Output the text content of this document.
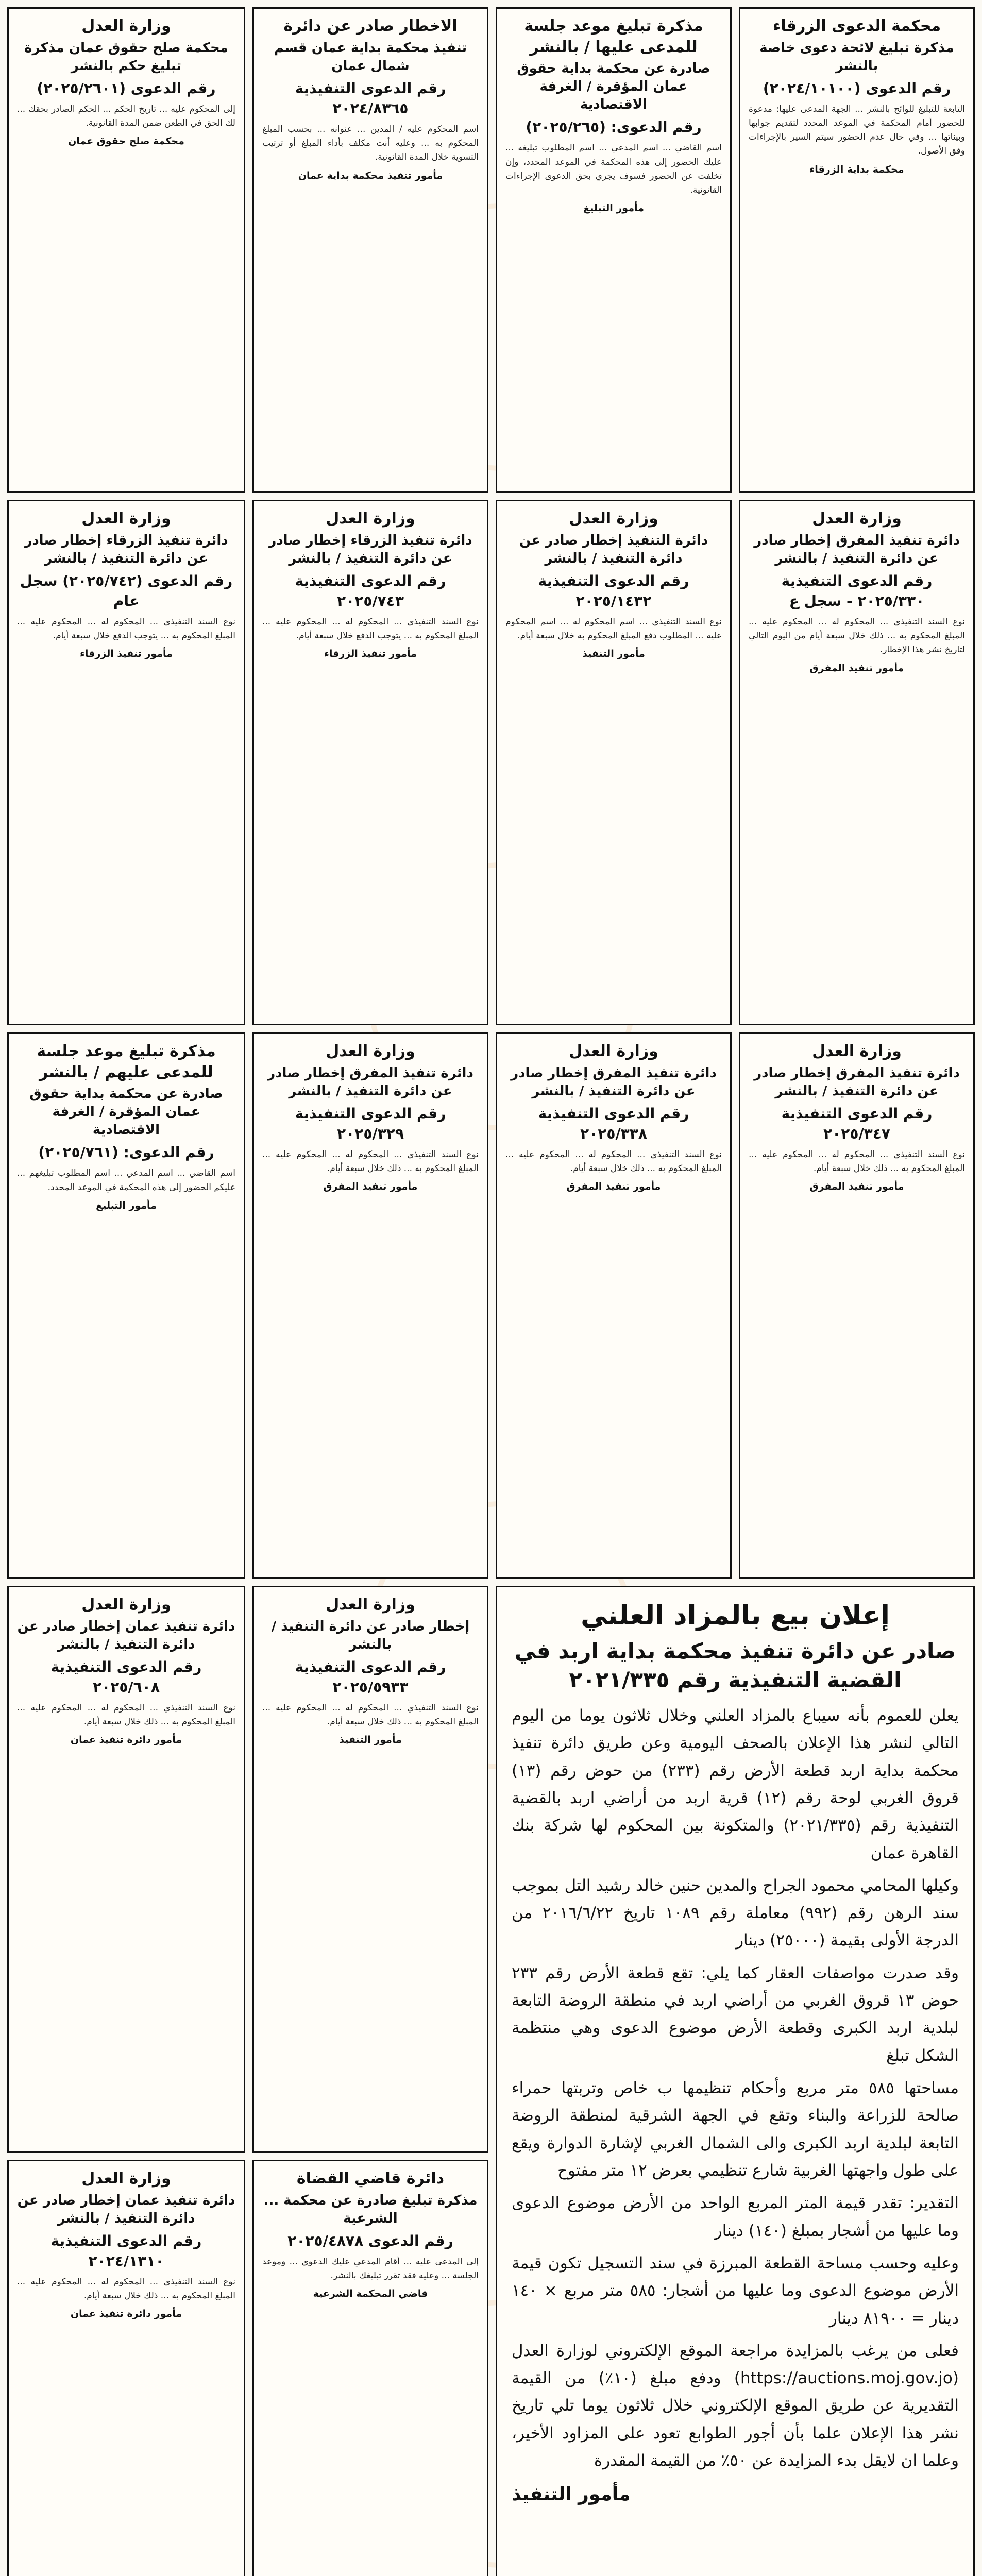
محكمة الدعوى الزرقاء
مذكرة تبليغ لائحة دعوى خاصة بالنشر
رقم الدعوى (٢٠٢٤/١٠١٠٠)
التابعة للتبليغ للوائح بالنشر ... الجهة المدعى عليها: مدعوة للحضور أمام المحكمة في الموعد المحدد لتقديم جوابها وبيناتها ... وفي حال عدم الحضور سيتم السير بالإجراءات وفق الأصول.
محكمة بداية الزرقاء
مذكرة تبليغ موعد جلسة للمدعى عليها / بالنشر
صادرة عن محكمة بداية حقوق عمان المؤقرة / الغرفة الاقتصادية
رقم الدعوى: (٢٠٢٥/٢٦٥)
اسم القاضي ... اسم المدعي ... اسم المطلوب تبليغه ... عليك الحضور إلى هذه المحكمة في الموعد المحدد، وإن تخلفت عن الحضور فسوف يجري بحق الدعوى الإجراءات القانونية.
مأمور التبليغ
الاخطار صادر عن دائرة
تنفيذ محكمة بداية عمان قسم شمال عمان
رقم الدعوى التنفيذية ٢٠٢٤/٨٣٦٥
اسم المحكوم عليه / المدين ... عنوانه ... بحسب المبلغ المحكوم به ... وعليه أنت مكلف بأداء المبلغ أو ترتيب التسوية خلال المدة القانونية.
مأمور تنفيذ محكمة بداية عمان
وزارة العدل
محكمة صلح حقوق عمان مذكرة تبليغ حكم بالنشر
رقم الدعوى (٢٠٢٥/٢٦٠١)
إلى المحكوم عليه ... تاريخ الحكم ... الحكم الصادر بحقك ... لك الحق في الطعن ضمن المدة القانونية.
محكمة صلح حقوق عمان
وزارة العدل
دائرة تنفيذ المفرق إخطار صادر عن دائرة التنفيذ / بالنشر
رقم الدعوى التنفيذية ٢٠٢٥/٣٣٠ - سجل ع
نوع السند التنفيذي ... المحكوم له ... المحكوم عليه ... المبلغ المحكوم به ... ذلك خلال سبعة أيام من اليوم التالي لتاريخ نشر هذا الإخطار.
مأمور تنفيذ المفرق
وزارة العدل
دائرة التنفيذ إخطار صادر عن دائرة التنفيذ / بالنشر
رقم الدعوى التنفيذية ٢٠٢٥/١٤٣٢
نوع السند التنفيذي ... اسم المحكوم له ... اسم المحكوم عليه ... المطلوب دفع المبلغ المحكوم به خلال سبعة أيام.
مأمور التنفيذ
وزارة العدل
دائرة تنفيذ الزرقاء إخطار صادر عن دائرة التنفيذ / بالنشر
رقم الدعوى التنفيذية ٢٠٢٥/٧٤٣
نوع السند التنفيذي ... المحكوم له ... المحكوم عليه ... المبلغ المحكوم به ... يتوجب الدفع خلال سبعة أيام.
مأمور تنفيذ الزرقاء
وزارة العدل
دائرة تنفيذ الزرقاء إخطار صادر عن دائرة التنفيذ / بالنشر
رقم الدعوى (٢٠٢٥/٧٤٢) سجل عام
نوع السند التنفيذي ... المحكوم له ... المحكوم عليه ... المبلغ المحكوم به ... يتوجب الدفع خلال سبعة أيام.
مأمور تنفيذ الزرقاء
وزارة العدل
دائرة تنفيذ المفرق إخطار صادر عن دائرة التنفيذ / بالنشر
رقم الدعوى التنفيذية ٢٠٢٥/٣٤٧
نوع السند التنفيذي ... المحكوم له ... المحكوم عليه ... المبلغ المحكوم به ... ذلك خلال سبعة أيام.
مأمور تنفيذ المفرق
وزارة العدل
دائرة تنفيذ المفرق إخطار صادر عن دائرة التنفيذ / بالنشر
رقم الدعوى التنفيذية ٢٠٢٥/٣٣٨
نوع السند التنفيذي ... المحكوم له ... المحكوم عليه ... المبلغ المحكوم به ... ذلك خلال سبعة أيام.
مأمور تنفيذ المفرق
وزارة العدل
دائرة تنفيذ المفرق إخطار صادر عن دائرة التنفيذ / بالنشر
رقم الدعوى التنفيذية ٢٠٢٥/٣٢٩
نوع السند التنفيذي ... المحكوم له ... المحكوم عليه ... المبلغ المحكوم به ... ذلك خلال سبعة أيام.
مأمور تنفيذ المفرق
مذكرة تبليغ موعد جلسة للمدعى عليهم / بالنشر
صادرة عن محكمة بداية حقوق عمان المؤقرة / الغرفة الاقتصادية
رقم الدعوى: (٢٠٢٥/٧٦١)
اسم القاضي ... اسم المدعي ... اسم المطلوب تبليغهم ... عليكم الحضور إلى هذه المحكمة في الموعد المحدد.
مأمور التبليغ
إعلان بيع بالمزاد العلني
صادر عن دائرة تنفيذ محكمة بداية اربد في القضية التنفيذية رقم ٢٠٢١/٣٣٥

يعلن للعموم بأنه سيباع بالمزاد العلني وخلال ثلاثون يوما من اليوم التالي لنشر هذا الإعلان بالصحف اليومية وعن طريق دائرة تنفيذ محكمة بداية اربد قطعة الأرض رقم (٢٣٣) من حوض رقم (١٣) قروق الغربي لوحة رقم (١٢) قرية اربد من أراضي اربد بالقضية التنفيذية رقم (٢٠٢١/٣٣٥) والمتكونة بين المحكوم لها شركة بنك القاهرة عمان

وكيلها المحامي محمود الجراح والمدين حنين خالد رشيد التل بموجب سند الرهن رقم (٩٩٢) معاملة رقم ١٠٨٩ تاريخ ٢٠١٦/٦/٢٢ من الدرجة الأولى بقيمة (٢٥٠٠٠) دينار

وقد صدرت مواصفات العقار كما يلي: تقع قطعة الأرض رقم ٢٣٣ حوض ١٣ قروق الغربي من أراضي اربد في منطقة الروضة التابعة لبلدية اربد الكبرى وقطعة الأرض موضوع الدعوى وهي منتظمة الشكل تبلغ

مساحتها ٥٨٥ متر مربع وأحكام تنظيمها ب خاص وتربتها حمراء صالحة للزراعة والبناء وتقع في الجهة الشرقية لمنطقة الروضة التابعة لبلدية اربد الكبرى والى الشمال الغربي لإشارة الدوارة ويقع على طول واجهتها الغربية شارع تنظيمي بعرض ١٢ متر مفتوح

التقدير: تقدر قيمة المتر المربع الواحد من الأرض موضوع الدعوى وما عليها من أشجار بمبلغ (١٤٠) دينار

وعليه وحسب مساحة القطعة المبرزة في سند التسجيل تكون قيمة الأرض موضوع الدعوى وما عليها من أشجار: ٥٨٥ متر مربع × ١٤٠ دينار = ٨١٩٠٠ دينار

فعلى من يرغب بالمزايدة مراجعة الموقع الإلكتروني لوزارة العدل (https://auctions.moj.gov.jo) ودفع مبلغ (١٠٪) من القيمة التقديرية عن طريق الموقع الإلكتروني خلال ثلاثون يوما تلي تاريخ نشر هذا الإعلان علما بأن أجور الطوابع تعود على المزاود الأخير، وعلما ان لايقل بدء المزايدة عن ٥٠٪ من القيمة المقدرة

مأمور التنفيذ
وزارة العدل
إخطار صادر عن دائرة التنفيذ / بالنشر
رقم الدعوى التنفيذية ٢٠٢٥/٥٩٣٣
نوع السند التنفيذي ... المحكوم له ... المحكوم عليه ... المبلغ المحكوم به ... ذلك خلال سبعة أيام.
مأمور التنفيذ
وزارة العدل
دائرة تنفيذ عمان إخطار صادر عن دائرة التنفيذ / بالنشر
رقم الدعوى التنفيذية ٢٠٢٥/٦٠٨
نوع السند التنفيذي ... المحكوم له ... المحكوم عليه ... المبلغ المحكوم به ... ذلك خلال سبعة أيام.
مأمور دائرة تنفيذ عمان
دائرة قاضي القضاة
مذكرة تبليغ صادرة عن محكمة ... الشرعية
رقم الدعوى ٢٠٢٥/٤٨٧٨
إلى المدعى عليه ... أقام المدعي عليك الدعوى ... وموعد الجلسة ... وعليه فقد تقرر تبليغك بالنشر.
قاضي المحكمة الشرعية
وزارة العدل
دائرة تنفيذ عمان إخطار صادر عن دائرة التنفيذ / بالنشر
رقم الدعوى التنفيذية ٢٠٢٤/١٣١٠
نوع السند التنفيذي ... المحكوم له ... المحكوم عليه ... المبلغ المحكوم به ... ذلك خلال سبعة أيام.
مأمور دائرة تنفيذ عمان
